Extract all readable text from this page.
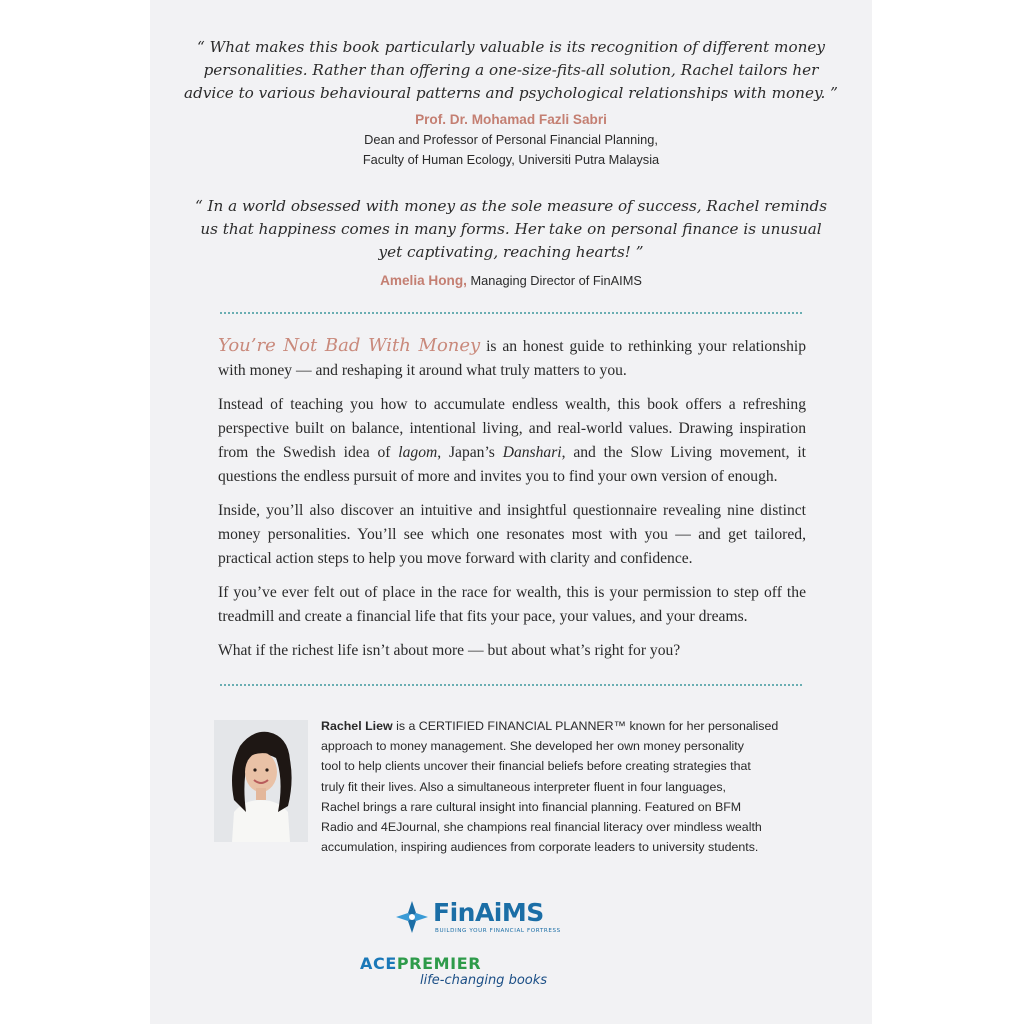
“ What makes this book particularly valuable is its recognition of different money
personalities. Rather than offering a one-size-fits-all solution, Rachel tailors her
advice to various behavioural patterns and psychological relationships with money. ”
Prof. Dr. Mohamad Fazli Sabri
Dean and Professor of Personal Financial Planning,
Faculty of Human Ecology, Universiti Putra Malaysia
“ In a world obsessed with money as the sole measure of success, Rachel reminds
us that happiness comes in many forms. Her take on personal finance is unusual
yet captivating, reaching hearts! ”
Amelia Hong, Managing Director of FinAIMS

You’re Not Bad With Money is an honest guide to rethinking your relationship with money — and reshaping it around what truly matters to you.

Instead of teaching you how to accumulate endless wealth, this book offers a refreshing perspective built on balance, intentional living, and real-world values. Drawing inspiration from the Swedish idea of lagom, Japan’s Danshari, and the Slow Living movement, it questions the endless pursuit of more and invites you to find your own version of enough.

Inside, you’ll also discover an intuitive and insightful questionnaire revealing nine distinct money personalities. You’ll see which one resonates most with you — and get tailored, practical action steps to help you move forward with clarity and confidence.

If you’ve ever felt out of place in the race for wealth, this is your permission to step off the treadmill and create a financial life that fits your pace, your values, and your dreams.

What if the richest life isn’t about more — but about what’s right for you?

Rachel Liew is a CERTIFIED FINANCIAL PLANNER™ known for her personalised
approach to money management. She developed her own money personality
tool to help clients uncover their financial beliefs before creating strategies that
truly fit their lives. Also a simultaneous interpreter fluent in four languages,
Rachel brings a rare cultural insight into financial planning. Featured on BFM
Radio and 4EJournal, she champions real financial literacy over mindless wealth
accumulation, inspiring audiences from corporate leaders to university students.
FinAiMS
BUILDING YOUR FINANCIAL FORTRESS
ACEPREMIER
life-changing books
